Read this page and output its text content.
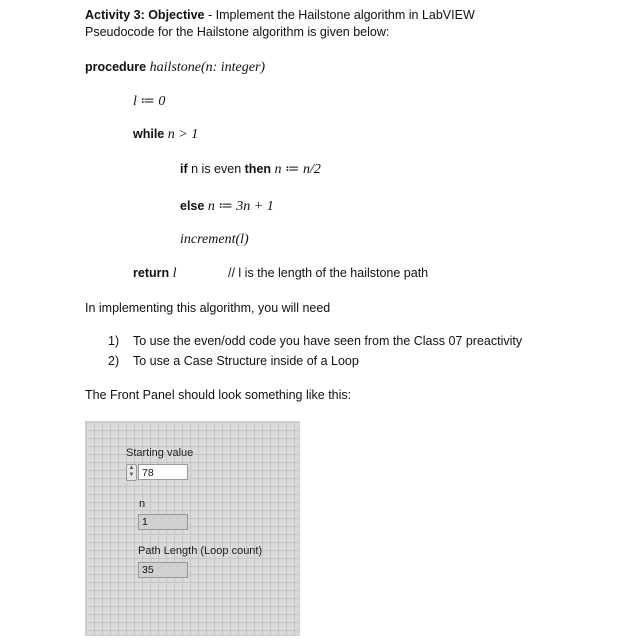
Activity 3: Objective - Implement the Hailstone algorithm in LabVIEW
Pseudocode for the Hailstone algorithm is given below:
procedure hailstone(n: integer)
l ≔ 0
while n > 1
if n is even then n ≔ n/2
else n ≔ 3n + 1
increment(l)
return l	// l is the length of the hailstone path
In implementing this algorithm, you will need
1) To use the even/odd code you have seen from the Class 07 preactivity
2) To use a Case Structure inside of a Loop
The Front Panel should look something like this:
Starting value
▲
▼ 78
n
1
Path Length (Loop count)
35
